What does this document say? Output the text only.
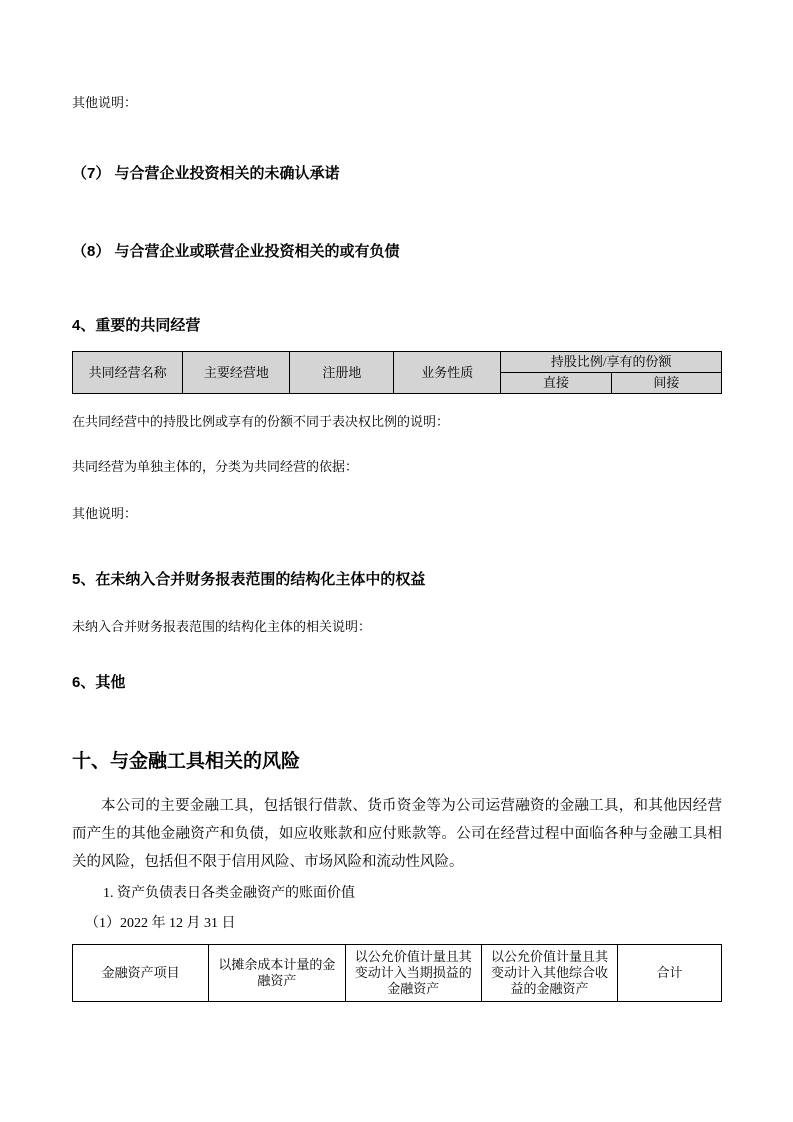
其他说明：

（7） 与合营企业投资相关的未确认承诺
（8） 与合营企业或联营企业投资相关的或有负债
4、重要的共同经营
共同经营名称	主要经营地	注册地	业务性质	持股比例/享有的份额	
				直接	间接

在共同经营中的持股比例或享有的份额不同于表决权比例的说明：

共同经营为单独主体的，分类为共同经营的依据：

其他说明：

5、在未纳入合并财务报表范围的结构化主体中的权益

未纳入合并财务报表范围的结构化主体的相关说明：

6、其他
十、与金融工具相关的风险

本公司的主要金融工具，包括银行借款、货币资金等为公司运营融资的金融工具，和其他因经营而产生的其他金融资产和负债，如应收账款和应付账款等。公司在经营过程中面临各种与金融工具相关的风险，包括但不限于信用风险、市场风险和流动性风险。

1. 资产负债表日各类金融资产的账面价值

（1）2022 年 12 月 31 日

金融资产项目	以摊余成本计量的金融资产	以公允价值计量且其变动计入当期损益的金融资产	以公允价值计量且其变动计入其他综合收益的金融资产	合计
